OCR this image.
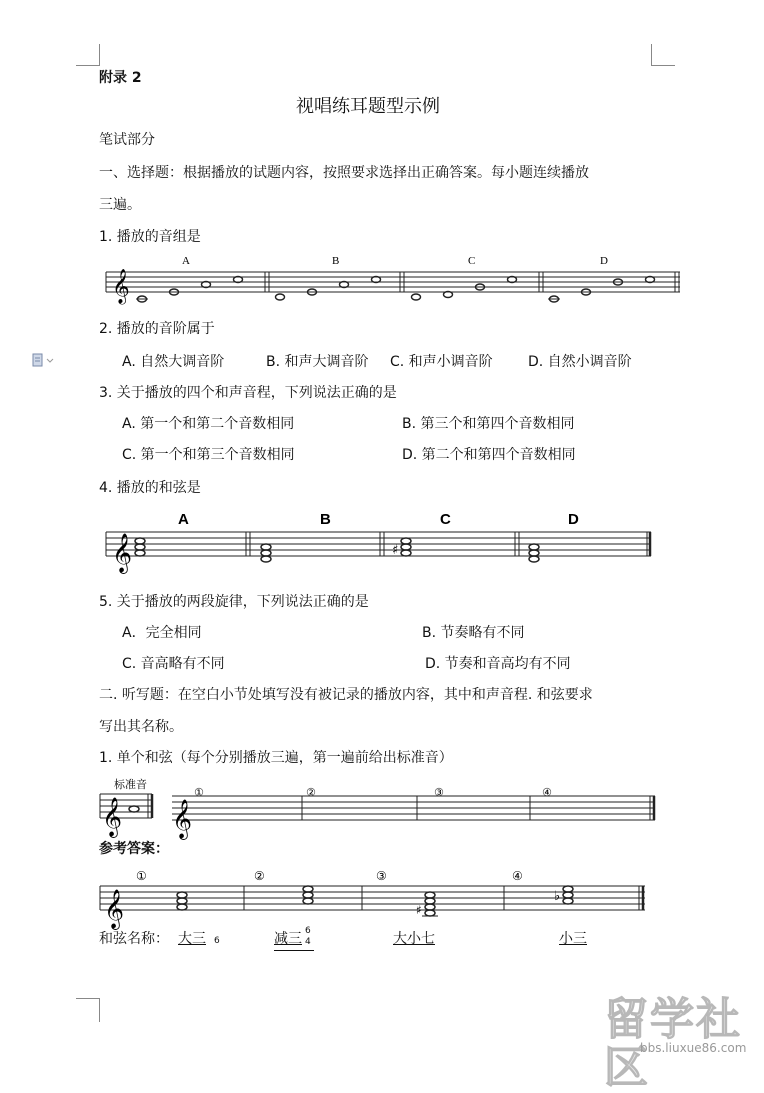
附录 2
视唱练耳题型示例
笔试部分
一、选择题：根据播放的试题内容，按照要求选择出正确答案。每小题连续播放
三遍。
1. 播放的音组是
𝄞
A	B	C	D
2. 播放的音阶属于
A. 自然大调音阶	B. 和声大调音阶 C. 和声小调音阶	D. 自然小调音阶
3. 关于播放的四个和声音程，下列说法正确的是
A. 第一个和第二个音数相同	B. 第三个和第四个音数相同
C. 第一个和第三个音数相同	D. 第二个和第四个音数相同
4. 播放的和弦是
𝄞
A	B	C	D
♯
5. 关于播放的两段旋律，下列说法正确的是
A．完全相同	B. 节奏略有不同
C. 音高略有不同	D. 节奏和音高均有不同
二. 听写题：在空白小节处填写没有被记录的播放内容，其中和声音程. 和弦要求
写出其名称。
1. 单个和弦（每个分别播放三遍，第一遍前给出标准音）
标准音
𝄞 𝄞
①	②	③	④
参考答案：
𝄞
①	②	③	④
♯
♭
和弦名称： 大三 6	减三 6
4	大小七	小三
留学社区
bbs.liuxue86.com
